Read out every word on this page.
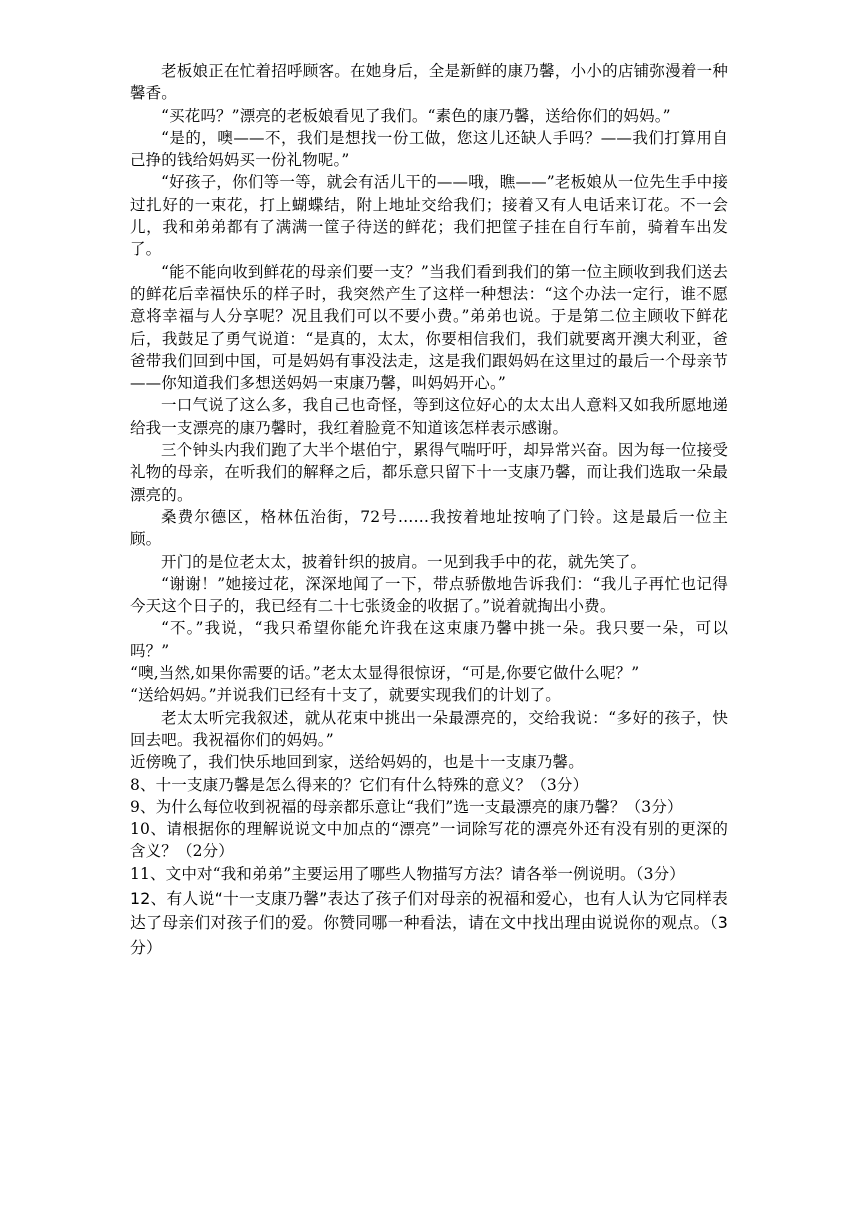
老板娘正在忙着招呼顾客。在她身后，全是新鲜的康乃馨，小小的店铺弥漫着一种馨香。

“买花吗？”漂亮的老板娘看见了我们。“素色的康乃馨，送给你们的妈妈。”

“是的，噢——不，我们是想找一份工做，您这儿还缺人手吗？——我们打算用自己挣的钱给妈妈买一份礼物呢。”

“好孩子，你们等一等，就会有活儿干的——哦，瞧——”老板娘从一位先生手中接过扎好的一束花，打上蝴蝶结，附上地址交给我们；接着又有人电话来订花。不一会儿，我和弟弟都有了满满一筐子待送的鲜花；我们把筐子挂在自行车前，骑着车出发了。

“能不能向收到鲜花的母亲们要一支？”当我们看到我们的第一位主顾收到我们送去的鲜花后幸福快乐的样子时，我突然产生了这样一种想法：“这个办法一定行，谁不愿意将幸福与人分享呢？况且我们可以不要小费。”弟弟也说。于是第二位主顾收下鲜花后，我鼓足了勇气说道：“是真的，太太，你要相信我们，我们就要离开澳大利亚，爸爸带我们回到中国，可是妈妈有事没法走，这是我们跟妈妈在这里过的最后一个母亲节——你知道我们多想送妈妈一束康乃馨，叫妈妈开心。”

一口气说了这么多，我自己也奇怪，等到这位好心的太太出人意料又如我所愿地递给我一支漂亮的康乃馨时，我红着脸竟不知道该怎样表示感谢。

三个钟头内我们跑了大半个堪伯宁，累得气喘吁吁，却异常兴奋。因为每一位接受礼物的母亲，在听我们的解释之后，都乐意只留下十一支康乃馨，而让我们选取一朵最漂亮的。

桑费尔德区，格林伍治街，72号……我按着地址按响了门铃。这是最后一位主顾。

开门的是位老太太，披着针织的披肩。一见到我手中的花，就先笑了。

“谢谢！”她接过花，深深地闻了一下，带点骄傲地告诉我们：“我儿子再忙也记得今天这个日子的，我已经有二十七张烫金的收据了。”说着就掏出小费。

“不。”我说，“我只希望你能允许我在这束康乃馨中挑一朵。我只要一朵，可以吗？”

“噢,当然,如果你需要的话。”老太太显得很惊讶，“可是,你要它做什么呢？”

“送给妈妈。”并说我们已经有十支了，就要实现我们的计划了。

老太太听完我叙述，就从花束中挑出一朵最漂亮的，交给我说：“多好的孩子，快回去吧。我祝福你们的妈妈。”

近傍晚了，我们快乐地回到家，送给妈妈的，也是十一支康乃馨。

8、十一支康乃馨是怎么得来的？它们有什么特殊的意义？（3分）

9、为什么每位收到祝福的母亲都乐意让“我们”选一支最漂亮的康乃馨？（3分）

10、请根据你的理解说说文中加点的“漂亮”一词除写花的漂亮外还有没有别的更深的含义？（2分）

11、文中对“我和弟弟”主要运用了哪些人物描写方法？请各举一例说明。（3分）

12、有人说“十一支康乃馨”表达了孩子们对母亲的祝福和爱心，也有人认为它同样表达了母亲们对孩子们的爱。你赞同哪一种看法，请在文中找出理由说说你的观点。（3分）
